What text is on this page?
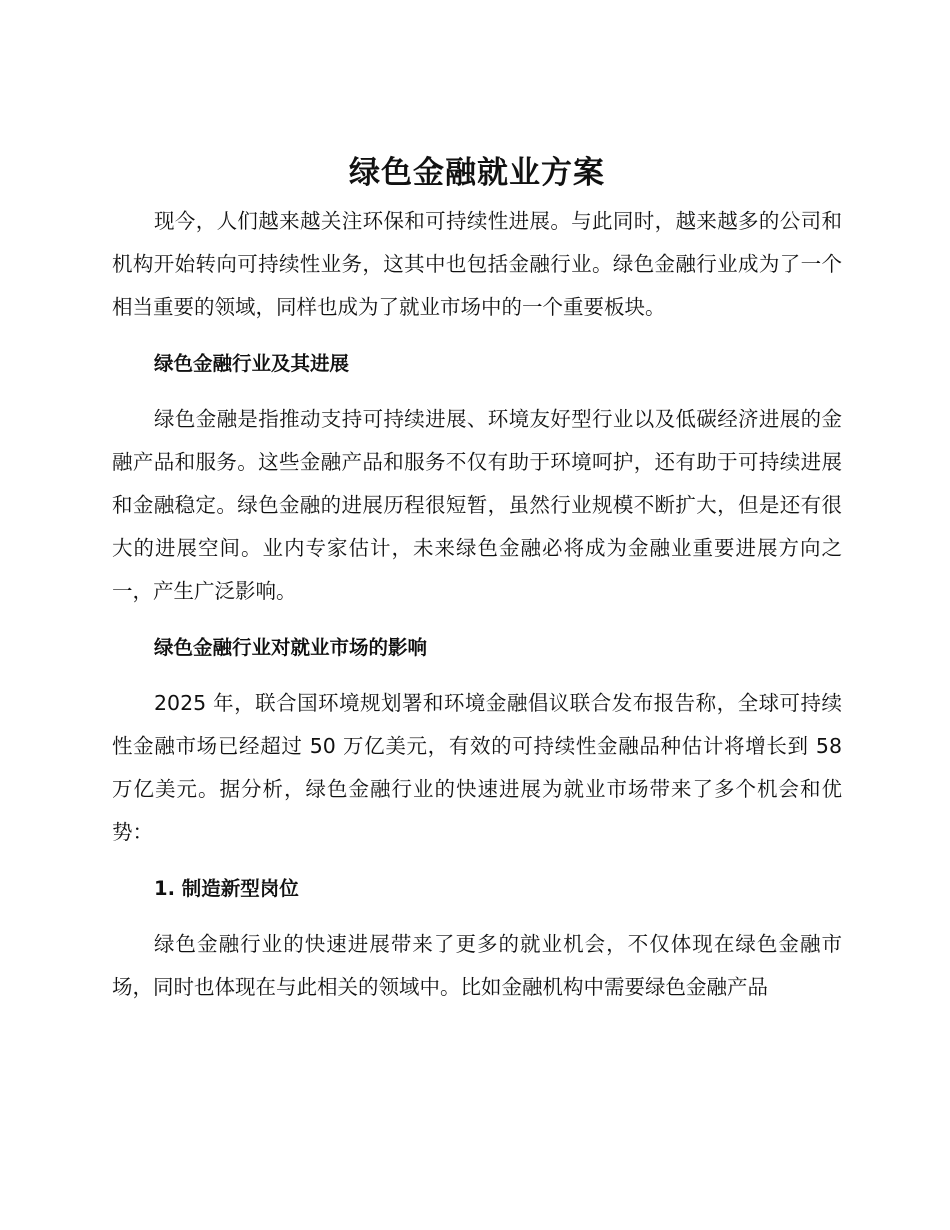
绿色金融就业方案

现今，人们越来越关注环保和可持续性进展。与此同时，越来越多的公司和机构开始转向可持续性业务，这其中也包括金融行业。绿色金融行业成为了一个相当重要的领域，同样也成为了就业市场中的一个重要板块。

绿色金融行业及其进展

绿色金融是指推动支持可持续进展、环境友好型行业以及低碳经济进展的金融产品和服务。这些金融产品和服务不仅有助于环境呵护，还有助于可持续进展和金融稳定。绿色金融的进展历程很短暂，虽然行业规模不断扩大，但是还有很大的进展空间。业内专家估计，未来绿色金融必将成为金融业重要进展方向之一，产生广泛影响。

绿色金融行业对就业市场的影响

2025 年，联合国环境规划署和环境金融倡议联合发布报告称，全球可持续性金融市场已经超过 50 万亿美元，有效的可持续性金融品种估计将增长到 58 万亿美元。据分析，绿色金融行业的快速进展为就业市场带来了多个机会和优势：

1. 制造新型岗位

绿色金融行业的快速进展带来了更多的就业机会，不仅体现在绿色金融市场，同时也体现在与此相关的领域中。比如金融机构中需要绿色金融产品
